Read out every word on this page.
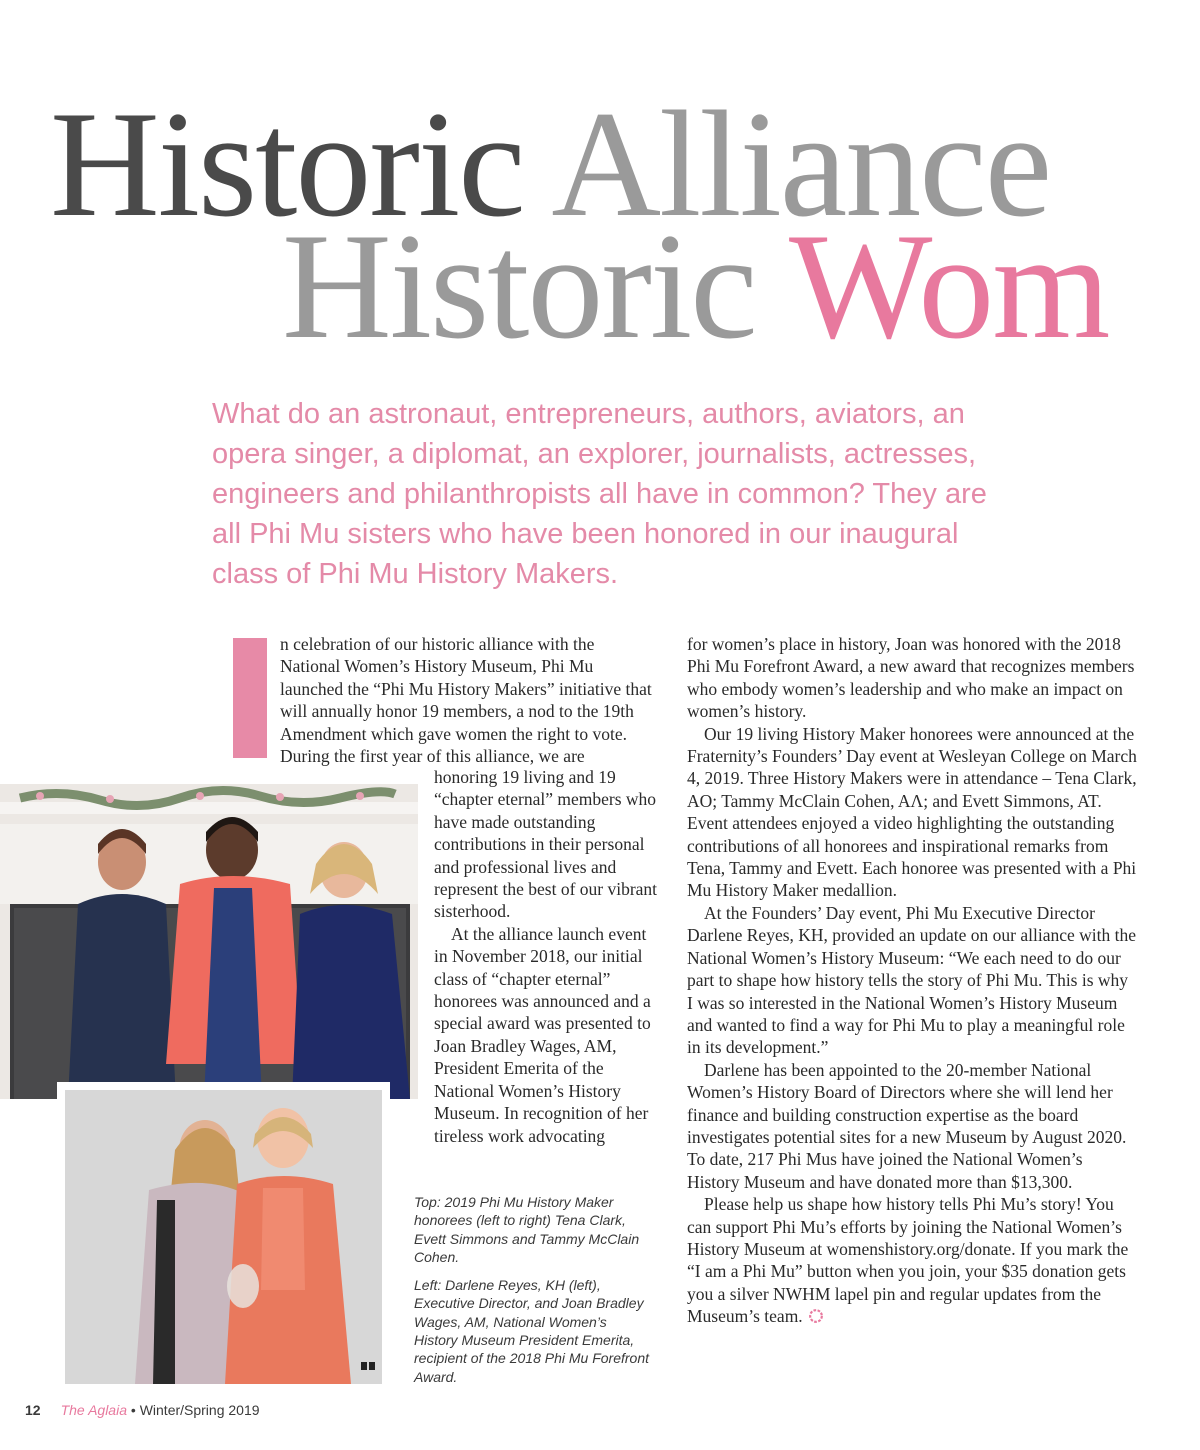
Historic Alliance
Historic Wom
What do an astronaut, entrepreneurs, authors, aviators, an opera singer, a diplomat, an explorer, journalists, actresses, engineers and philanthropists all have in common? They are all Phi Mu sisters who have been honored in our inaugural class of Phi Mu History Makers.

n celebration of our historic alliance with the National Women’s History Museum, Phi Mu launched the “Phi Mu History Makers” initiative that will annually honor 19 members, a nod to the 19th Amendment which gave women the right to vote. During the first year of this alliance, we are

honoring 19 living and 19 “chapter eternal” members who have made outstanding contributions in their personal and professional lives and represent the best of our vibrant sisterhood.

At the alliance launch event in November 2018, our initial class of “chapter eternal” honorees was announced and a special award was presented to Joan Bradley Wages, AM, President Emerita of the National Women’s History Museum. In recognition of her tireless work advocating

for women’s place in history, Joan was honored with the 2018 Phi Mu Forefront Award, a new award that recognizes members who embody women’s leadership and who make an impact on women’s history.

Our 19 living History Maker honorees were announced at the Fraternity’s Founders’ Day event at Wesleyan College on March 4, 2019. Three History Makers were in attendance – Tena Clark, AO; Tammy McClain Cohen, AΛ; and Evett Simmons, AT. Event attendees enjoyed a video highlighting the outstanding contributions of all honorees and inspirational remarks from Tena, Tammy and Evett. Each honoree was presented with a Phi Mu History Maker medallion.

At the Founders’ Day event, Phi Mu Executive Director Darlene Reyes, KH, provided an update on our alliance with the National Women’s History Museum: “We each need to do our part to shape how history tells the story of Phi Mu. This is why I was so interested in the National Women’s History Museum and wanted to find a way for Phi Mu to play a meaningful role in its development.”

Darlene has been appointed to the 20-member National Women’s History Board of Directors where she will lend her finance and building construction expertise as the board investigates potential sites for a new Museum by August 2020. To date, 217 Phi Mus have joined the National Women’s History Museum and have donated more than $13,300.

Please help us shape how history tells Phi Mu’s story! You can support Phi Mu’s efforts by joining the National Women’s History Museum at womenshistory.org/donate. If you mark the “I am a Phi Mu” button when you join, your $35 donation gets you a silver NWHM lapel pin and regular updates from the Museum’s team.

Top: 2019 Phi Mu History Maker honorees (left to right) Tena Clark, Evett Simmons and Tammy McClain Cohen.

Left: Darlene Reyes, KH (left), Executive Director, and Joan Bradley Wages, AM, National Women’s History Museum President Emerita, recipient of the 2018 Phi Mu Forefront Award.

12 The Aglaia • Winter/Spring 2019
